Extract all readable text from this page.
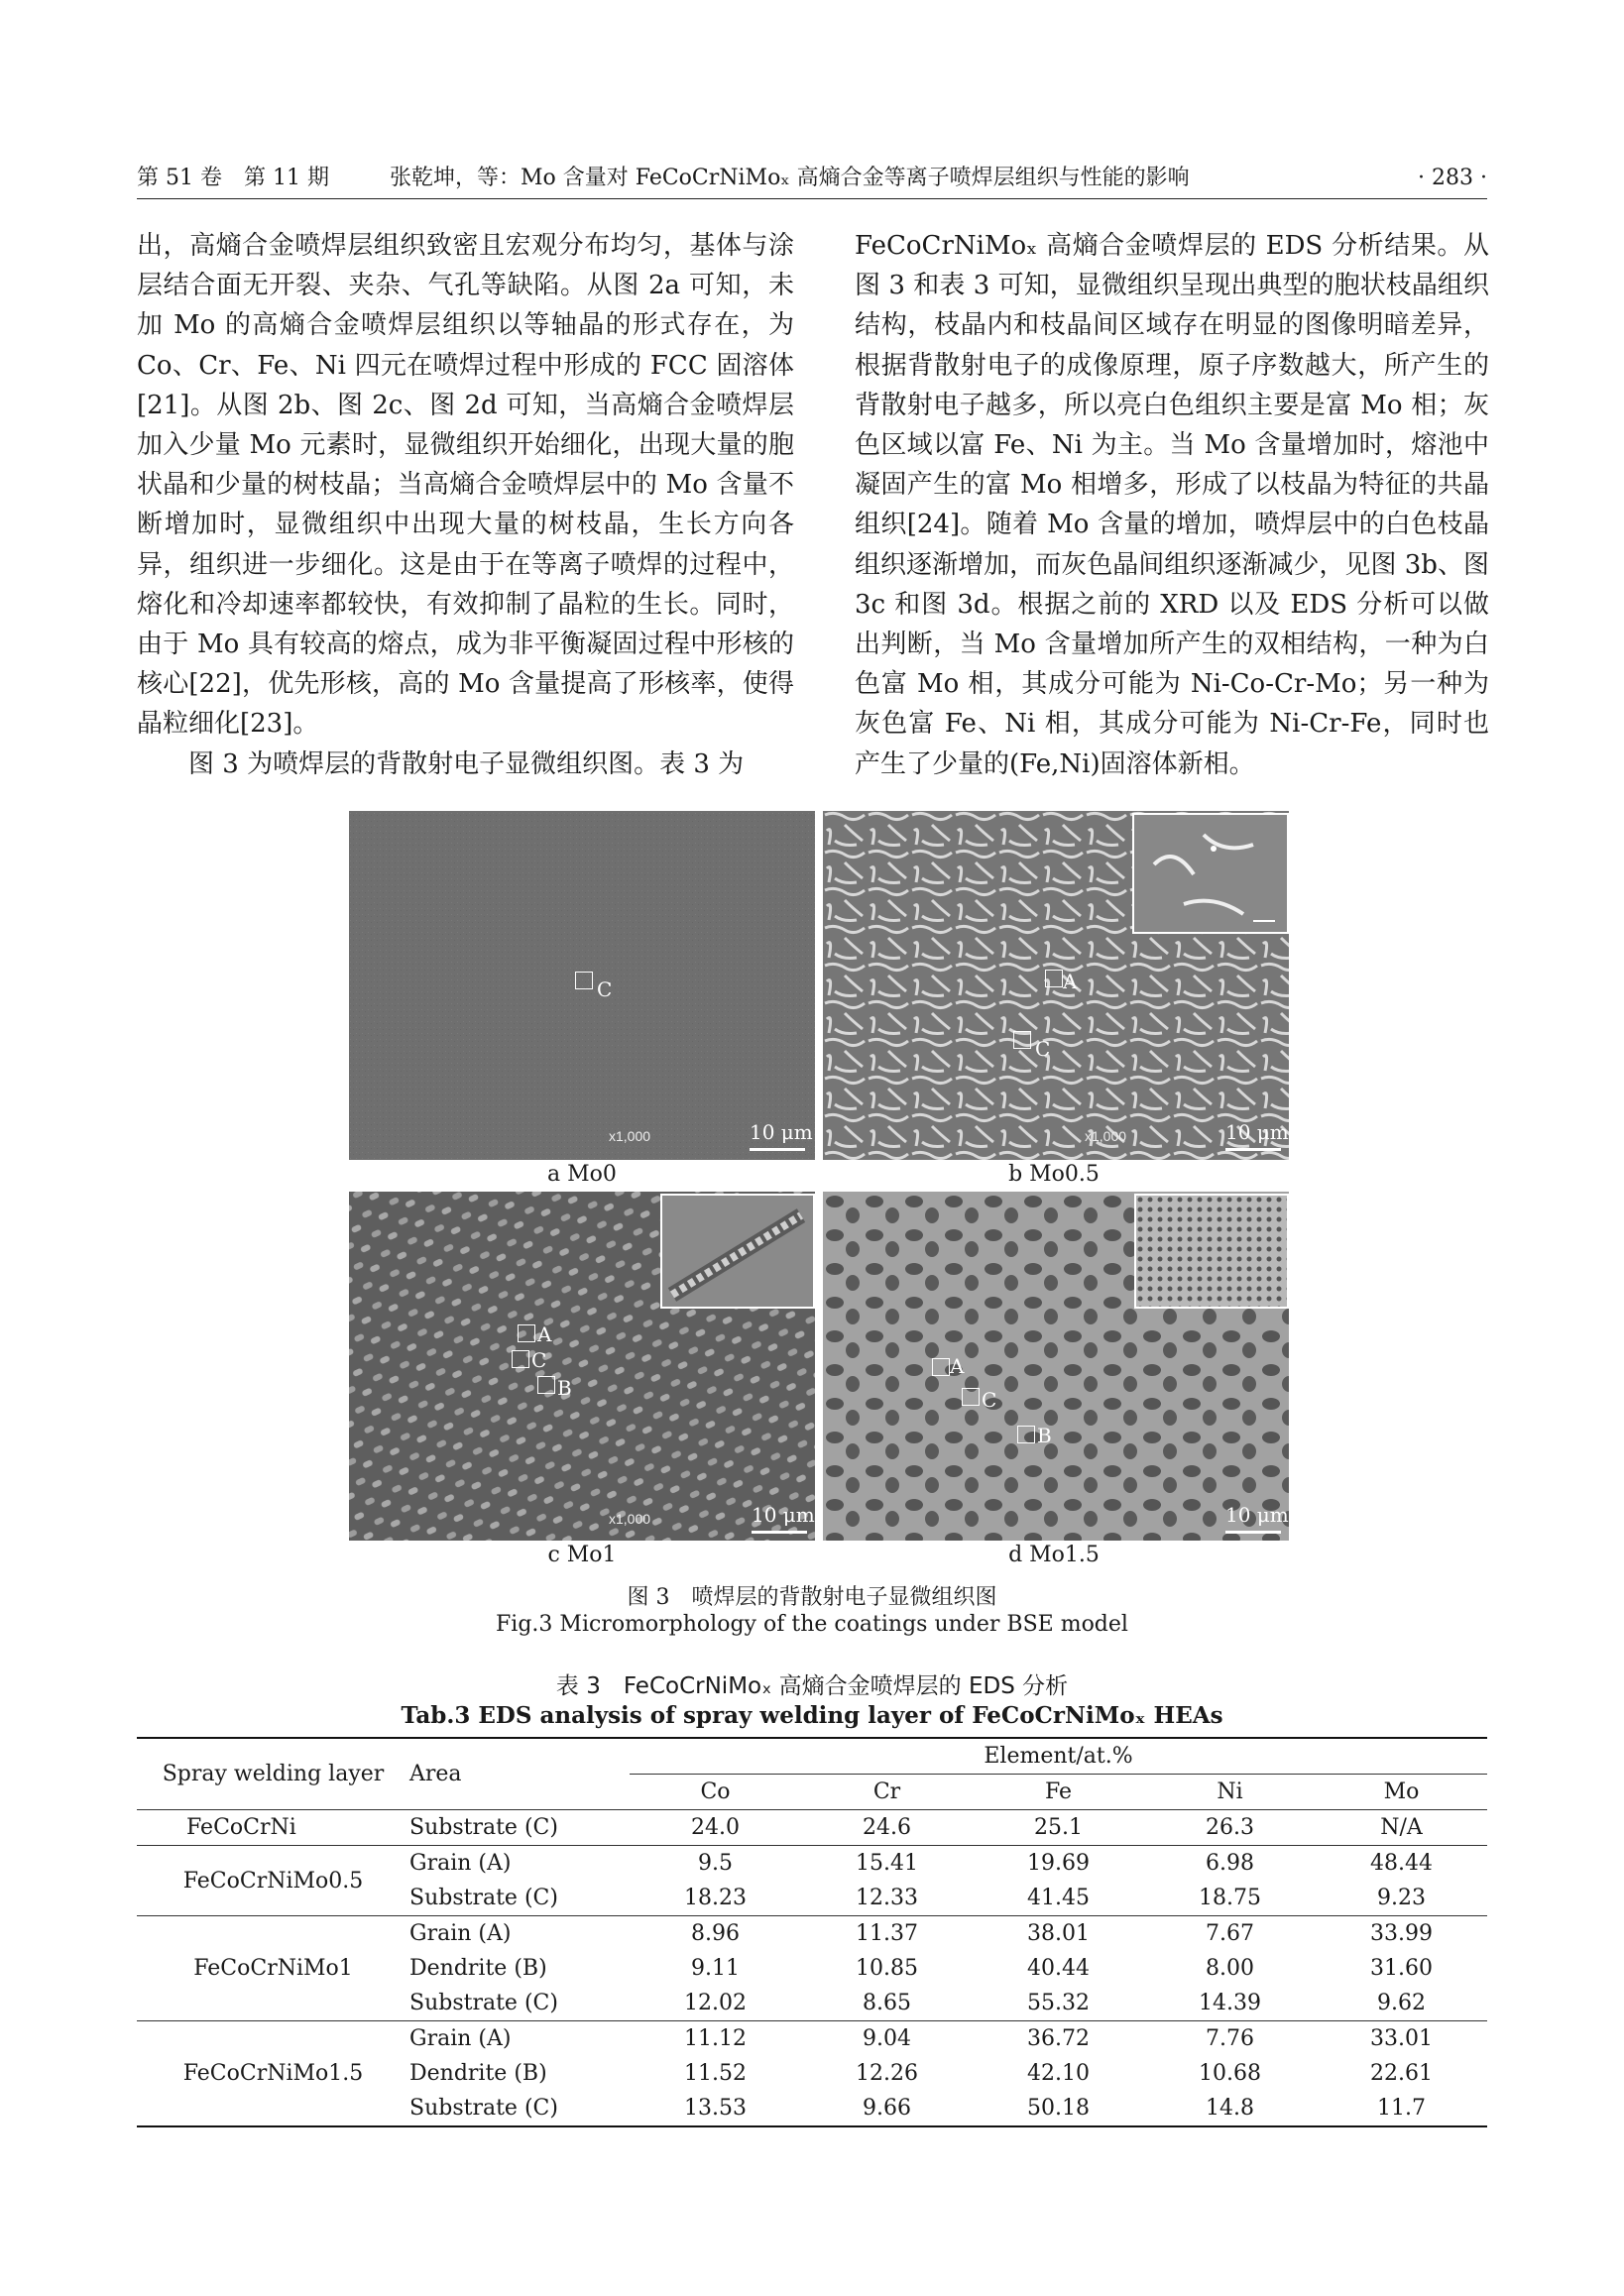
第 51 卷　第 11 期	张乾坤，等：Mo 含量对 FeCoCrNiMoₓ 高熵合金等离子喷焊层组织与性能的影响	· 283 ·

出，高熵合金喷焊层组织致密且宏观分布均匀，基体与涂层结合面无开裂、夹杂、气孔等缺陷。从图 2a 可知，未加 Mo 的高熵合金喷焊层组织以等轴晶的形式存在，为 Co、Cr、Fe、Ni 四元在喷焊过程中形成的 FCC 固溶体[21]。从图 2b、图 2c、图 2d 可知，当高熵合金喷焊层加入少量 Mo 元素时，显微组织开始细化，出现大量的胞状晶和少量的树枝晶；当高熵合金喷焊层中的 Mo 含量不断增加时，显微组织中出现大量的树枝晶，生长方向各异，组织进一步细化。这是由于在等离子喷焊的过程中，熔化和冷却速率都较快，有效抑制了晶粒的生长。同时，由于 Mo 具有较高的熔点，成为非平衡凝固过程中形核的核心[22]，优先形核，高的 Mo 含量提高了形核率，使得晶粒细化[23]。

图 3 为喷焊层的背散射电子显微组织图。表 3 为

FeCoCrNiMoₓ 高熵合金喷焊层的 EDS 分析结果。从图 3 和表 3 可知，显微组织呈现出典型的胞状枝晶组织结构，枝晶内和枝晶间区域存在明显的图像明暗差异，根据背散射电子的成像原理，原子序数越大，所产生的背散射电子越多，所以亮白色组织主要是富 Mo 相；灰色区域以富 Fe、Ni 为主。当 Mo 含量增加时，熔池中凝固产生的富 Mo 相增多，形成了以枝晶为特征的共晶组织[24]。随着 Mo 含量的增加，喷焊层中的白色枝晶组织逐渐增加，而灰色晶间组织逐渐减少，见图 3b、图 3c 和图 3d。根据之前的 XRD 以及 EDS 分析可以做出判断，当 Mo 含量增加所产生的双相结构，一种为白色富 Mo 相，其成分可能为 Ni-Co-Cr-Mo；另一种为灰色富 Fe、Ni 相，其成分可能为 Ni-Cr-Fe，同时也产生了少量的(Fe,Ni)固溶体新相。

C
x1,000	10 μm
a Mo0
A
C
x1,000	10 μm
b Mo0.5
A
C
B
x1,000	10 μm
c Mo1
A
C
B
10 μm
d Mo1.5
图 3　喷焊层的背散射电子显微组织图
Fig.3 Micromorphology of the coatings under BSE model
表 3　FeCoCrNiMoₓ 高熵合金喷焊层的 EDS 分析
Tab.3 EDS analysis of spray welding layer of FeCoCrNiMoₓ HEAs
Spray welding layer	Area	Element/at.%				
		Co	Cr	Fe	Ni	Mo
FeCoCrNi	Substrate (C)	24.0	24.6	25.1	26.3	N/A
FeCoCrNiMo0.5	Grain (A)	9.5	15.41	19.69	6.98	48.44
	Substrate (C)	18.23	12.33	41.45	18.75	9.23
FeCoCrNiMo1	Grain (A)	8.96	11.37	38.01	7.67	33.99
	Dendrite (B)	9.11	10.85	40.44	8.00	31.60
	Substrate (C)	12.02	8.65	55.32	14.39	9.62
FeCoCrNiMo1.5	Grain (A)	11.12	9.04	36.72	7.76	33.01
	Dendrite (B)	11.52	12.26	42.10	10.68	22.61
	Substrate (C)	13.53	9.66	50.18	14.8	11.7
